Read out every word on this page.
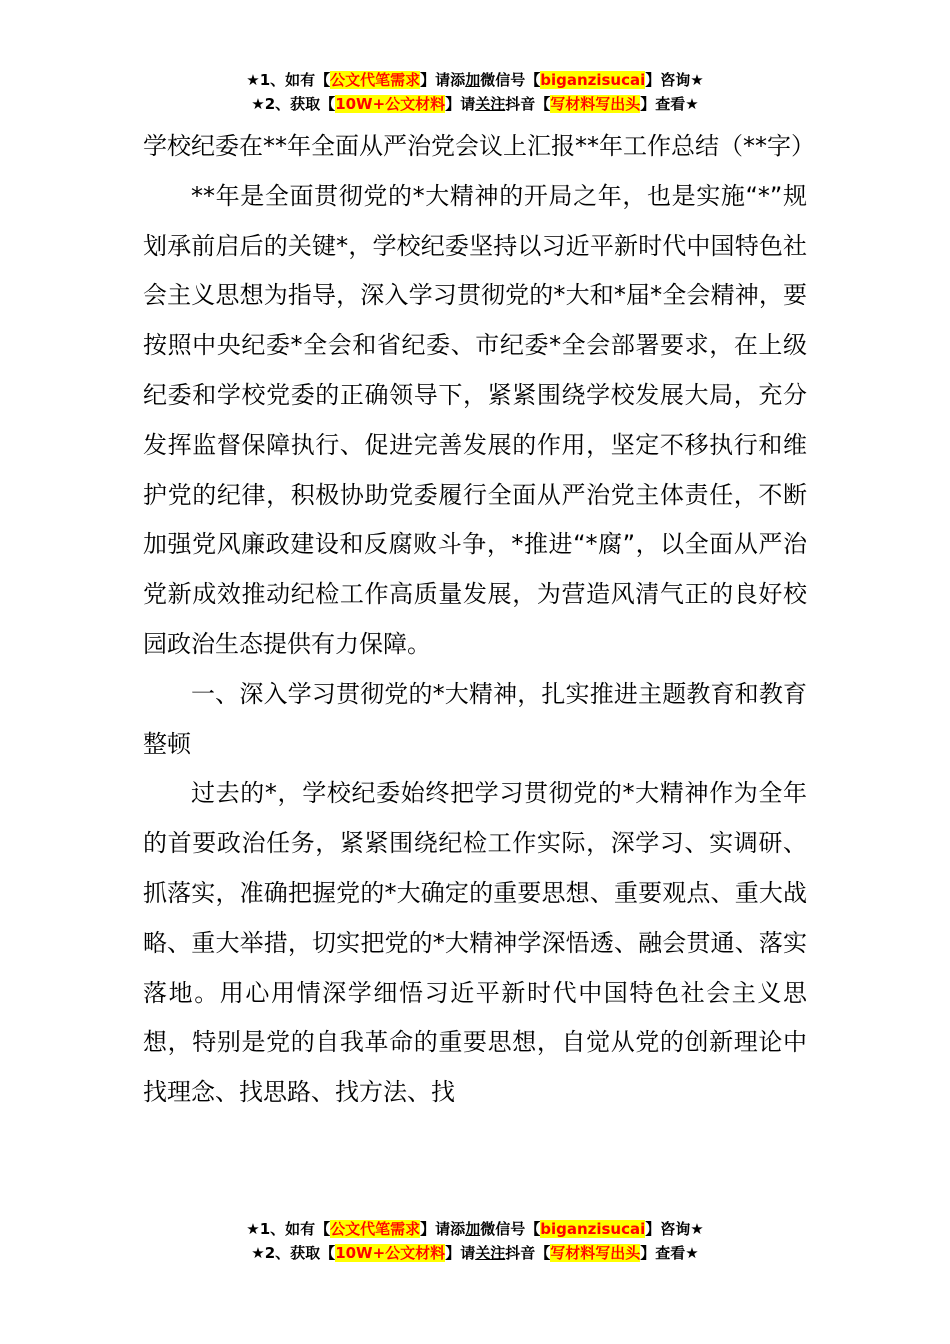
★1、如有【公文代笔需求】请添加微信号【biganzisucai】咨询★
★2、获取【10W+公文材料】请关注抖音【写材料写出头】查看★

学校纪委在**年全面从严治党会议上汇报**年工作总结（**字）

**年是全面贯彻党的*大精神的开局之年，也是实施“*”规划承前启后的关键*，学校纪委坚持以习近平新时代中国特色社会主义思想为指导，深入学习贯彻党的*大和*届*全会精神，要按照中央纪委*全会和省纪委、市纪委*全会部署要求，在上级纪委和学校党委的正确领导下，紧紧围绕学校发展大局，充分发挥监督保障执行、促进完善发展的作用，坚定不移执行和维护党的纪律，积极协助党委履行全面从严治党主体责任，不断加强党风廉政建设和反腐败斗争，*推进“*腐”，以全面从严治党新成效推动纪检工作高质量发展，为营造风清气正的良好校园政治生态提供有力保障。

一、深入学习贯彻党的*大精神，扎实推进主题教育和教育整顿

过去的*，学校纪委始终把学习贯彻党的*大精神作为全年的首要政治任务，紧紧围绕纪检工作实际，深学习、实调研、抓落实，准确把握党的*大确定的重要思想、重要观点、重大战略、重大举措，切实把党的*大精神学深悟透、融会贯通、落实落地。用心用情深学细悟习近平新时代中国特色社会主义思想，特别是党的自我革命的重要思想，自觉从党的创新理论中找理念、找思路、找方法、找

★1、如有【公文代笔需求】请添加微信号【biganzisucai】咨询★
★2、获取【10W+公文材料】请关注抖音【写材料写出头】查看★
